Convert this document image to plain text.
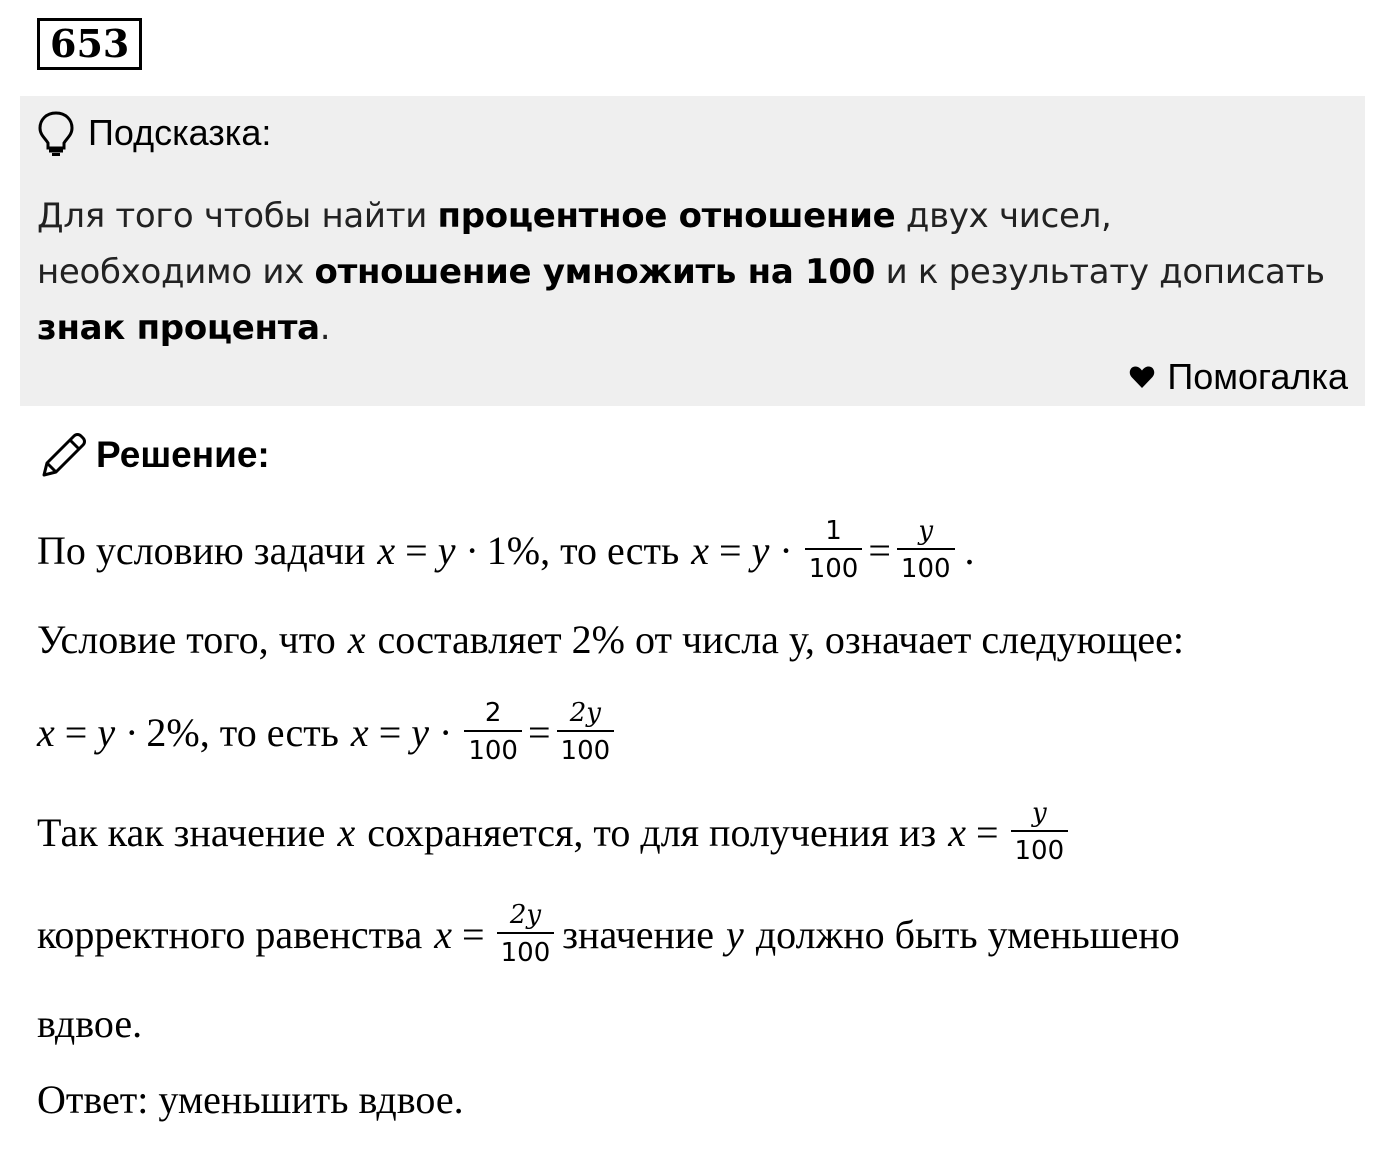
653
Подсказка:
Для того чтобы найти процентное отношение двух чисел,
необходимо их отношение умножить на 100 и к результату дописать
знак процента.
Помогалка
Решение:
По условию задачи x = y · 1%, то есть $x = y \cdot \frac{1}{100} = \frac{y}{100}$ .
Условие того, что x составляет 2% от числа у, означает следующее:
x = y · 2%, то есть $x = y \cdot \frac{2}{100} = \frac{2y}{100}$
Так как значение x сохраняется, то для получения из $x = \frac{y}{100}$
корректного равенства $x = \frac{2y}{100}$ значение y должно быть уменьшено
вдвое.
Ответ: уменьшить вдвое.
